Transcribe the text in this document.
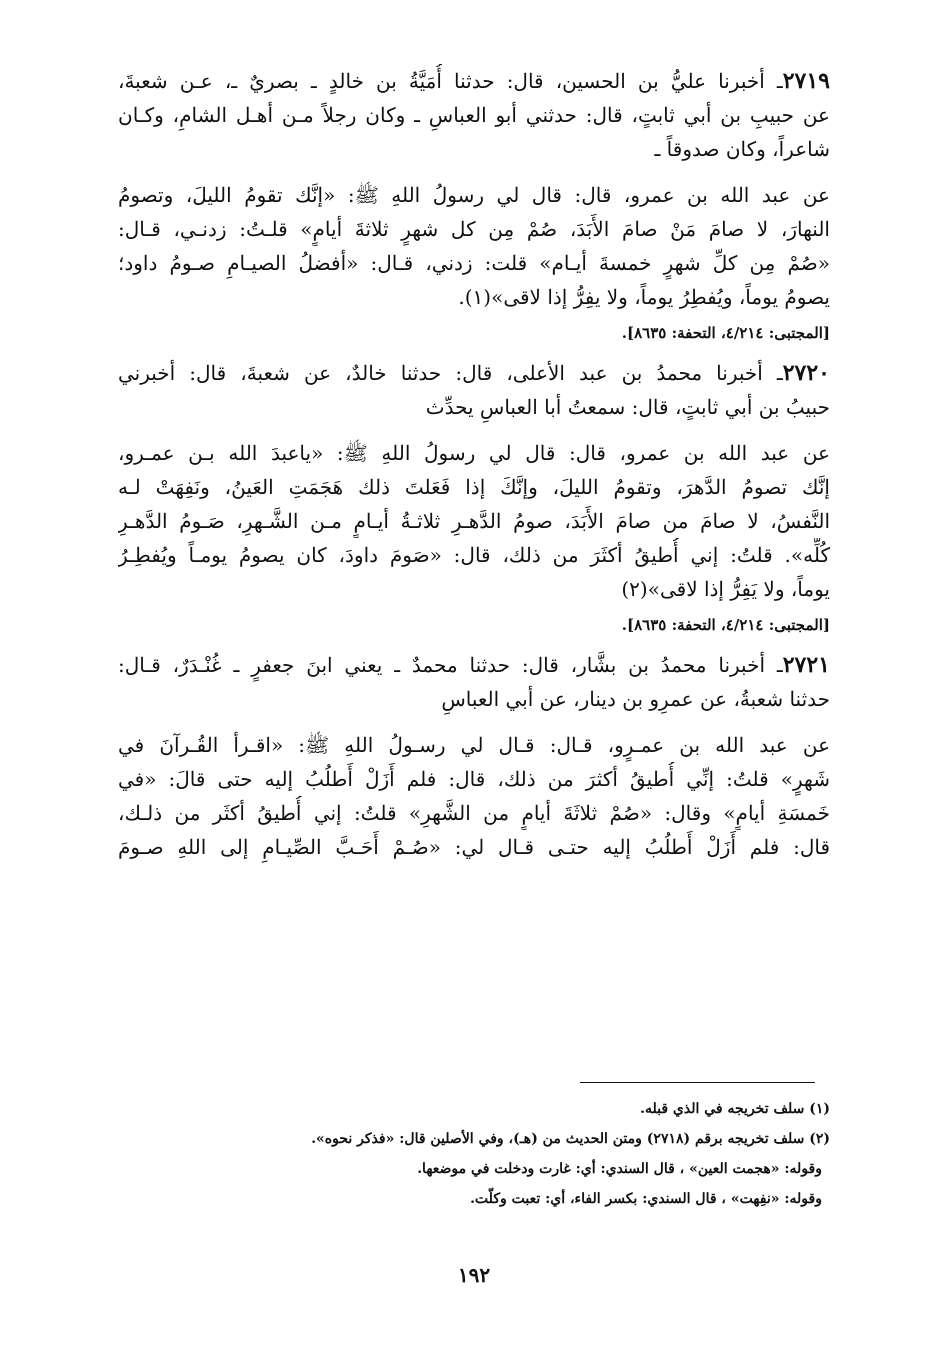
٢٧١٩ـ أخبرنا عليُّ بن الحسين، قال: حدثنا أُمَيَّةُ بن خالدٍ ـ بصريٌ ـ، عـن شعبةَ،

عن حبيبِ بن أبي ثابتٍ، قال: حدثني أبو العباسِ ـ وكان رجلاً مـن أهـل الشامِ، وكـان

شاعراً، وكان صدوقاً ـ

عن عبد الله بن عمرو، قال: قال لي رسولُ اللهِ ﷺ: «إنَّك تقومُ الليلَ، وتصومُ

النهارَ، لا صامَ مَنْ صامَ الأَبَدَ، صُمْ مِن كل شهرٍ ثلاثةَ أيامٍ» قلـتُ: زدنـي، قـال:

«صُمْ مِن كلِّ شهرٍ خمسةَ أيـام» قلت: زدني، قـال: «أفضلُ الصيـامِ صـومُ داود؛

يصومُ يوماً، ويُفطِرُ يوماً، ولا يفِرُّ إذا لاقى»(١).

[المجتبى: ٤/٢١٤، التحفة: ٨٦٣٥].

٢٧٢٠ـ أخبرنا محمدُ بن عبد الأعلى، قال: حدثنا خالدٌ، عن شعبةَ، قال: أخبرني

حبيبُ بن أبي ثابتٍ، قال: سمعتُ أبا العباسِ يحدِّث

عن عبد الله بن عمرو، قال: قال لي رسولُ اللهِ ﷺ: «ياعبدَ الله بـن عمـرو،

إنَّك تصومُ الدَّهرَ، وتقومُ الليلَ، وإنَّكَ إذا فَعَلتَ ذلك هَجَمَتِ العَينُ، ونَفِهَتْ لـه

النَّفسُ، لا صامَ من صامَ الأَبَدَ، صومُ الدَّهـرِ ثلاثـةُ أيـامٍ مـن الشَّـهرِ، صَـومُ الدَّهـرِ

كُلِّه». قلتُ: إني أُطيقُ أكثَرَ من ذلك، قال: «صَومَ داودَ، كان يصومُ يومـاً ويُفطِـرُ

يوماً، ولا يَفِرُّ إذا لاقى»(٢)

[المجتبى: ٤/٢١٤، التحفة: ٨٦٣٥].

٢٧٢١ـ أخبرنا محمدُ بن بشَّار، قال: حدثنا محمدٌ ـ يعني ابنَ جعفرٍ ـ غُنْـدَرٌ، قـال:

حدثنا شعبةُ، عن عمرِو بن دينار، عن أبي العباسِ

عن عبد الله بن عمـرٍو، قـال: قـال لي رسـولُ اللهِ ﷺ: «اقـرأ القُـرآنَ في

شَهرٍ» قلتُ: إنِّي أُطيقُ أكثرَ من ذلك، قال: فلم أَزَلْ أَطلُبُ إليه حتى قالَ: «في

خَمسَةِ أيامٍ» وقال: «صُمْ ثلاثَةَ أيامٍ من الشَّهرِ» قلتُ: إني أُطيقُ أكثَر من ذلـك،

قال: فلم أَزَلْ أَطلُبُ إليه حتـى قـال لي: «صُـمْ أَحَـبَّ الصِّيـامِ إلى اللهِ صـومَ

(١) سلف تخريجه في الذي قبله.

(٢) سلف تخريجه برقم (٢٧١٨) ومتن الحديث من (هـ)، وفي الأصلين قال: «فذكر نحوه».

وقوله: «هجمت العين» ، قال السندي: أي: غارت ودخلت في موضعها.

وقوله: «نفِهت» ، قال السندي: بكسر الفاء، أي: تعبت وكلّت.

١٩٢
